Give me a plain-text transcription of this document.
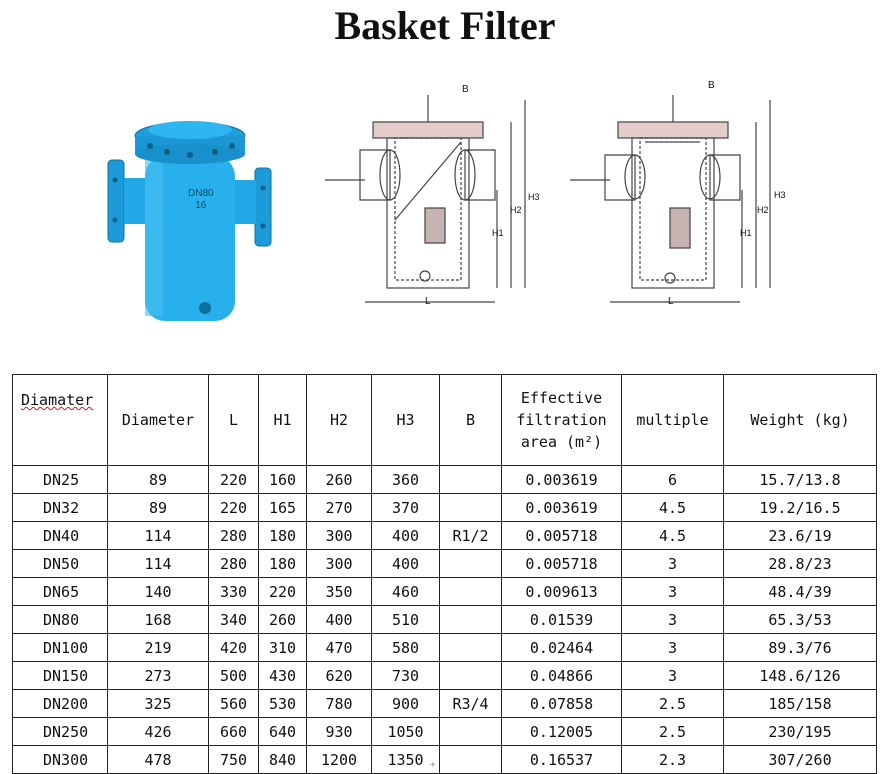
Basket Filter
DN80
16
B
L
H1
H2
H3
B
L
H1
H2
H3
Diamater	Diameter	L	H1	H2	H3	B	Effective filtration area (m²)	multiple	Weight (kg)
DN25	89	220	160	260	360		0.003619	6	15.7/13.8
DN32	89	220	165	270	370		0.003619	4.5	19.2/16.5
DN40	114	280	180	300	400	R1/2	0.005718	4.5	23.6/19
DN50	114	280	180	300	400		0.005718	3	28.8/23
DN65	140	330	220	350	460		0.009613	3	48.4/39
DN80	168	340	260	400	510		0.01539	3	65.3/53
DN100	219	420	310	470	580		0.02464	3	89.3/76
DN150	273	500	430	620	730		0.04866	3	148.6/126
DN200	325	560	530	780	900	R3/4	0.07858	2.5	185/158
DN250	426	660	640	930	1050		0.12005	2.5	230/195
DN300	478	750	840	1200	1350		0.16537	2.3	307/260
+
